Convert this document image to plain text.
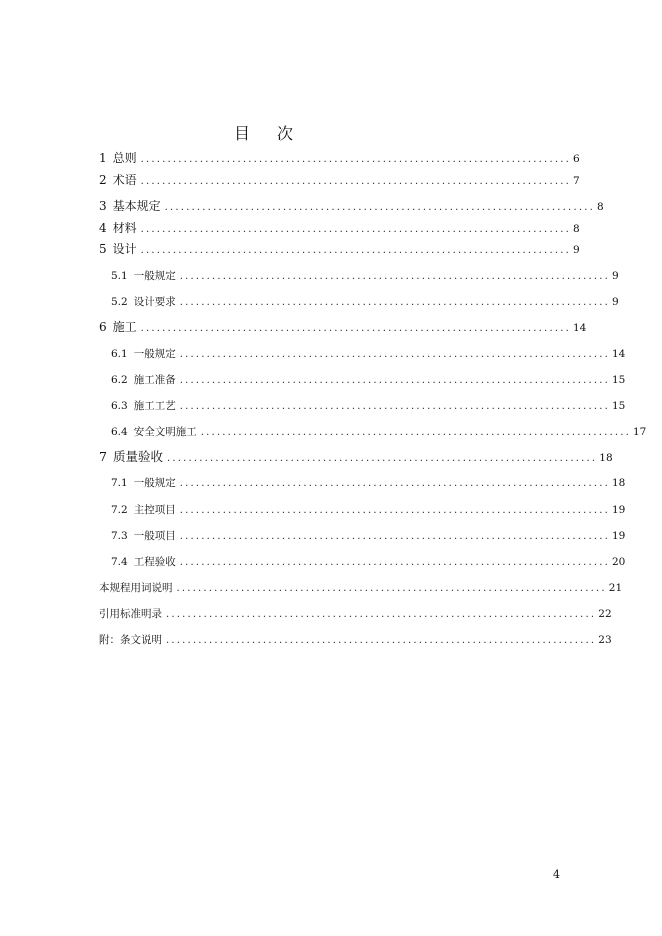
目 次
1 总则 ................................................................................ 6
2 术语 ................................................................................ 7
3 基本规定 ................................................................................ 8
4 材料 ................................................................................ 8
5 设计 ................................................................................ 9
5.1 一般规定 ................................................................................ 9
5.2 设计要求 ................................................................................ 9
6 施工 ................................................................................ 14
6.1 一般规定 ................................................................................ 14
6.2 施工准备 ................................................................................ 15
6.3 施工工艺 ................................................................................ 15
6.4 安全文明施工 ................................................................................ 17
7 质量验收 ................................................................................ 18
7.1 一般规定 ................................................................................ 18
7.2 主控项目 ................................................................................ 19
7.3 一般项目 ................................................................................ 19
7.4 工程验收 ................................................................................ 20
本规程用词说明 ................................................................................ 21
引用标准明录 ................................................................................ 22
附：条文说明 ................................................................................ 23
4
